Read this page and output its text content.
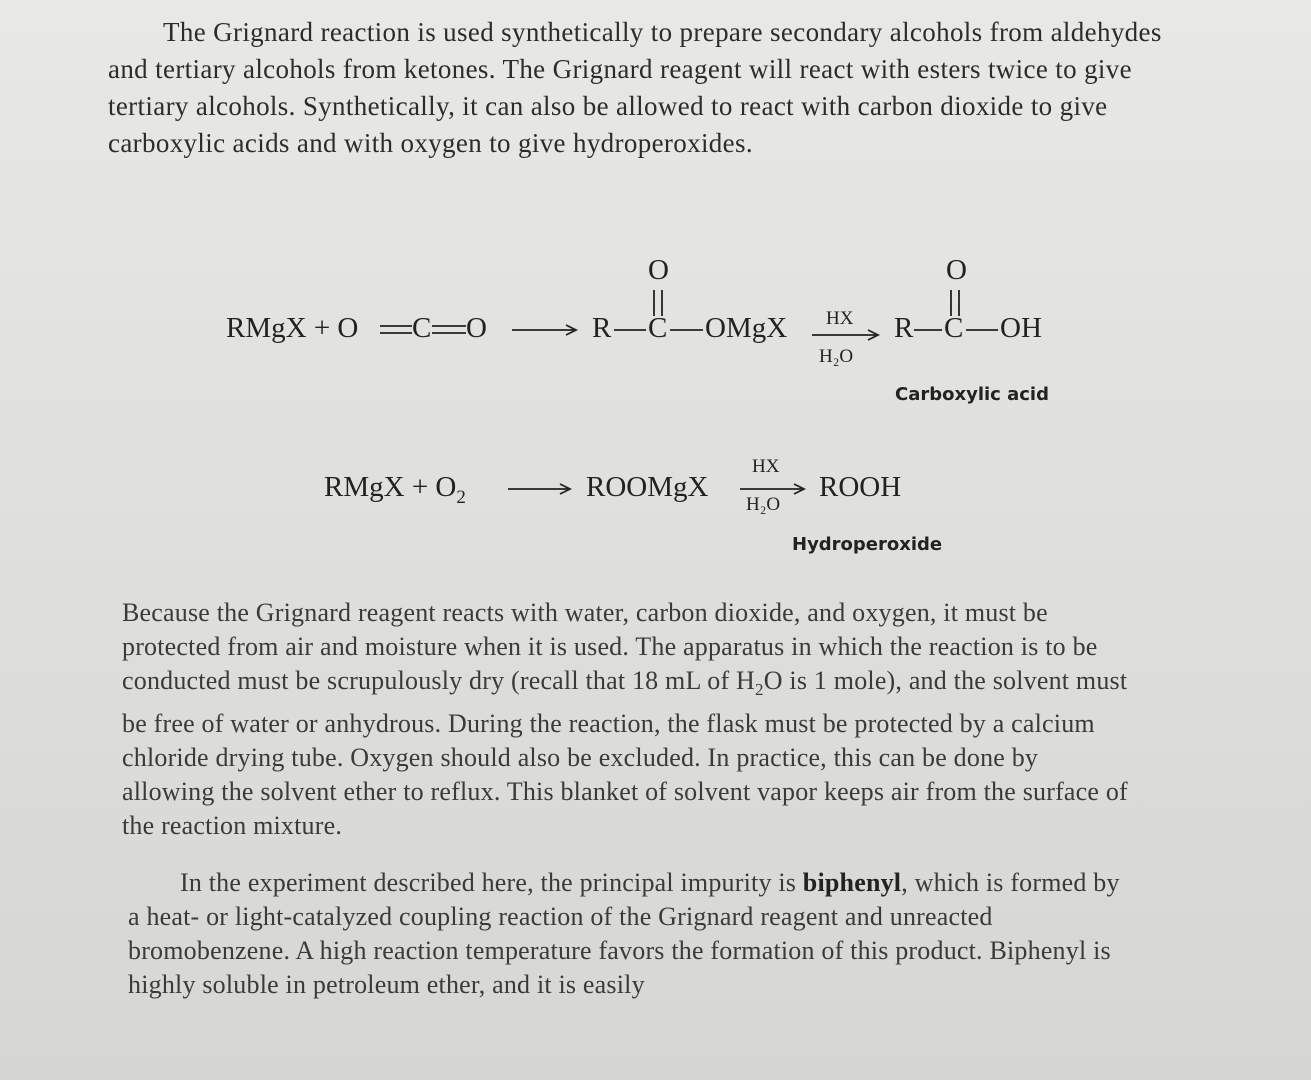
The Grignard reaction is used synthetically to prepare secondary alcohols from aldehydes and tertiary alcohols from ketones. The Grignard reagent will react with esters twice to give tertiary alcohols. Synthetically, it can also be allowed to react with carbon dioxide to give carboxylic acids and with oxygen to give hydroperoxides.

RMgX + O C O	R C OMgX
O
HX
H₂O
R C OH
O
Carboxylic acid
RMgX + $O_2$	ROOMgX
HX
H₂O
ROOH
Hydroperoxide

Because the Grignard reagent reacts with water, carbon dioxide, and oxygen, it must be protected from air and moisture when it is used. The apparatus in which the reaction is to be conducted must be scrupulously dry (recall that 18 mL of $H_2O$ is 1 mole), and the solvent must be free of water or anhydrous. During the reaction, the flask must be protected by a calcium chloride drying tube. Oxygen should also be excluded. In practice, this can be done by allowing the solvent ether to reflux. This blanket of solvent vapor keeps air from the surface of the reaction mixture.

In the experiment described here, the principal impurity is biphenyl, which is formed by a heat- or light-catalyzed coupling reaction of the Grignard reagent and unreacted bromobenzene. A high reaction temperature favors the formation of this product. Biphenyl is highly soluble in petroleum ether, and it is easily
